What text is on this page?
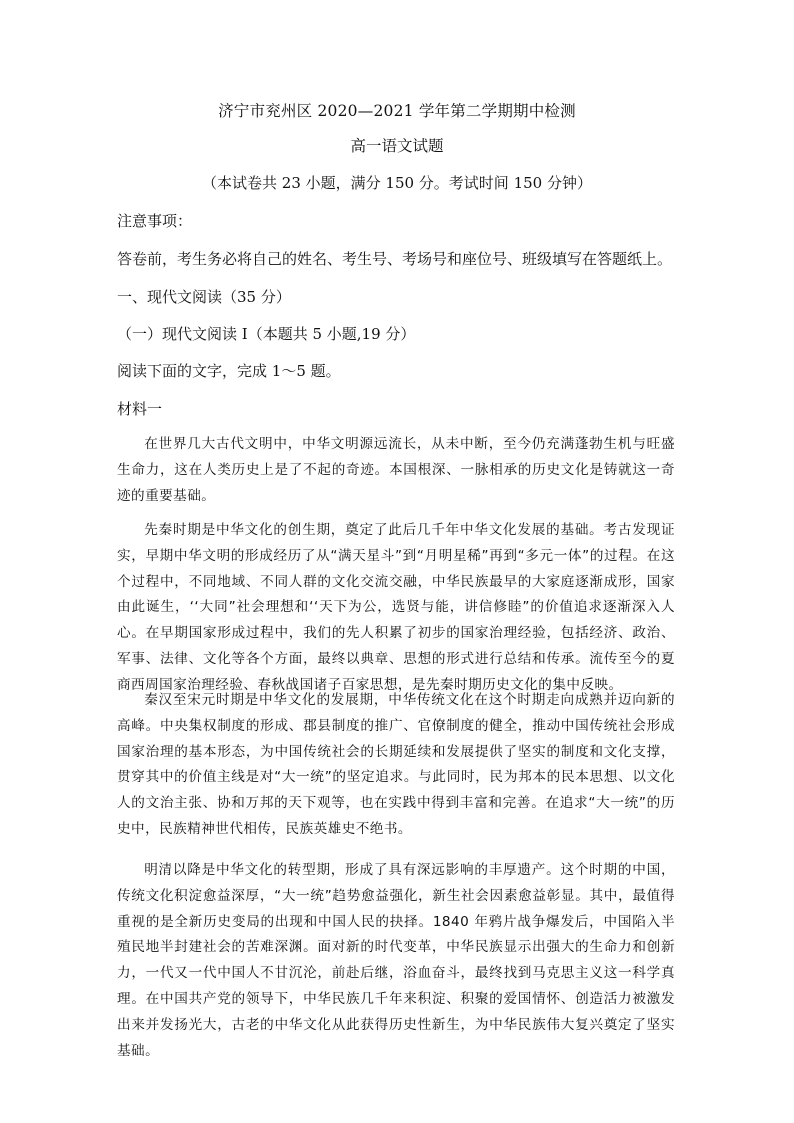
济宁市兖州区 2020—2021 学年第二学期期中检测
高一语文试题
（本试卷共 23 小题，满分 150 分。考试时间 150 分钟）
注意事项：
答卷前，考生务必将自己的姓名、考生号、考场号和座位号、班级填写在答题纸上。
一、现代文阅读（35 分）
（一）现代文阅读 I（本题共 5 小题,19 分）
阅读下面的文字，完成 1～5 题。
材料一

在世界几大古代文明中，中华文明源远流长，从未中断，至今仍充满蓬勃生机与旺盛生命力，这在人类历史上是了不起的奇迹。本国根深、一脉相承的历史文化是铸就这一奇迹的重要基础。

先秦时期是中华文化的创生期，奠定了此后几千年中华文化发展的基础。考古发现证实，早期中华文明的形成经历了从“满天星斗”到“月明星稀”再到“多元一体”的过程。在这个过程中，不同地域、不同人群的文化交流交融，中华民族最早的大家庭逐渐成形，国家由此诞生，‘‘大同”社会理想和‘‘天下为公，选贤与能，讲信修睦”的价值追求逐渐深入人心。在早期国家形成过程中，我们的先人积累了初步的国家治理经验，包括经济、政治、军事、法律、文化等各个方面，最终以典章、思想的形式进行总结和传承。流传至今的夏商西周国家治理经验、春秋战国诸子百家思想，是先秦时期历史文化的集中反映。

秦汉至宋元时期是中华文化的发展期，中华传统文化在这个时期走向成熟并迈向新的高峰。中央集权制度的形成、郡县制度的推广、官僚制度的健全，推动中国传统社会形成国家治理的基本形态，为中国传统社会的长期延续和发展提供了坚实的制度和文化支撑，贯穿其中的价值主线是对“大一统”的坚定追求。与此同时，民为邦本的民本思想、以文化人的文治主张、协和万邦的天下观等，也在实践中得到丰富和完善。在追求“大一统”的历史中，民族精神世代相传，民族英雄史不绝书。

明清以降是中华文化的转型期，形成了具有深远影响的丰厚遗产。这个时期的中国，传统文化积淀愈益深厚，“大一统”趋势愈益强化，新生社会因素愈益彰显。其中，最值得重视的是全新历史变局的出现和中国人民的抉择。1840 年鸦片战争爆发后，中国陷入半殖民地半封建社会的苦难深渊。面对新的时代变革，中华民族显示出强大的生命力和创新力，一代又一代中国人不甘沉沦，前赴后继，浴血奋斗，最终找到马克思主义这一科学真理。在中国共产党的领导下，中华民族几千年来积淀、积聚的爱国情怀、创造活力被激发出来并发扬光大，古老的中华文化从此获得历史性新生，为中华民族伟大复兴奠定了坚实基础。
